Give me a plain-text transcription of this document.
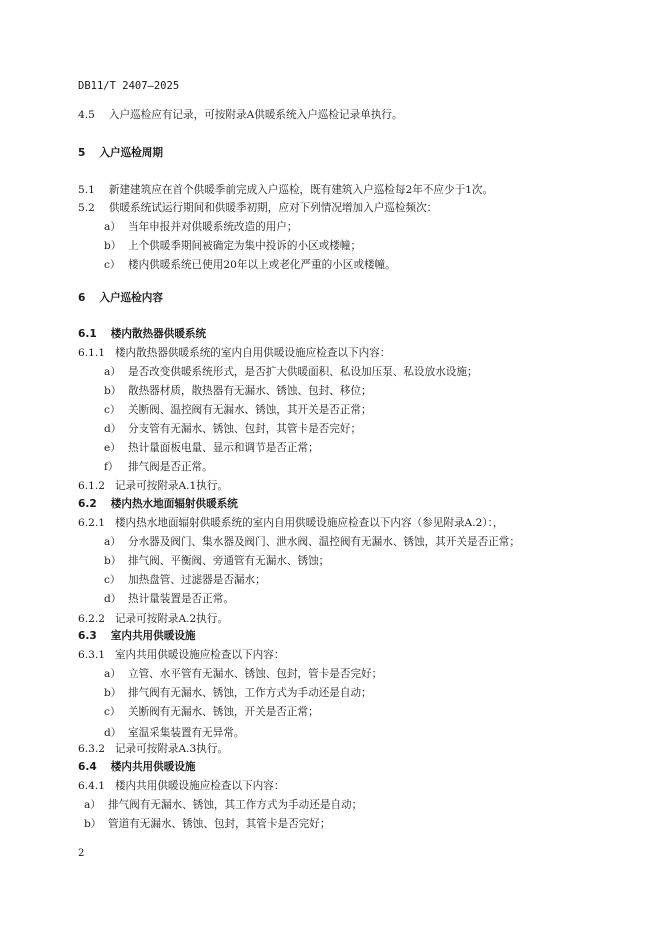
DB11/T 2407—2025
4.5 入户巡检应有记录，可按附录A供暖系统入户巡检记录单执行。
5 入户巡检周期
5.1 新建建筑应在首个供暖季前完成入户巡检，既有建筑入户巡检每2年不应少于1次。
5.2 供暖系统试运行期间和供暖季初期，应对下列情况增加入户巡检频次：
a） 当年申报并对供暖系统改造的用户；
b） 上个供暖季期间被确定为集中投诉的小区或楼幢；
c） 楼内供暖系统已使用20年以上或老化严重的小区或楼幢。
6 入户巡检内容
6.1 楼内散热器供暖系统
6.1.1 楼内散热器供暖系统的室内自用供暖设施应检查以下内容：
a） 是否改变供暖系统形式，是否扩大供暖面积、私设加压泵、私设放水设施；
b） 散热器材质，散热器有无漏水、锈蚀、包封、移位；
c） 关断阀、温控阀有无漏水、锈蚀，其开关是否正常；
d） 分支管有无漏水、锈蚀、包封，其管卡是否完好；
e） 热计量面板电量、显示和调节是否正常；
f） 排气阀是否正常。
6.1.2 记录可按附录A.1执行。
6.2 楼内热水地面辐射供暖系统
6.2.1 楼内热水地面辐射供暖系统的室内自用供暖设施应检查以下内容（参见附录A.2）：，
a） 分水器及阀门、集水器及阀门、泄水阀、温控阀有无漏水、锈蚀，其开关是否正常；
b） 排气阀、平衡阀、旁通管有无漏水、锈蚀；
c） 加热盘管、过滤器是否漏水；
d） 热计量装置是否正常。
6.2.2 记录可按附录A.2执行。
6.3 室内共用供暖设施
6.3.1 室内共用供暖设施应检查以下内容：
a） 立管、水平管有无漏水、锈蚀、包封，管卡是否完好；
b） 排气阀有无漏水、锈蚀，工作方式为手动还是自动；
c） 关断阀有无漏水、锈蚀，开关是否正常；
d） 室温采集装置有无异常。
6.3.2 记录可按附录A.3执行。
6.4 楼内共用供暖设施
6.4.1 楼内共用供暖设施应检查以下内容：
a） 排气阀有无漏水、锈蚀，其工作方式为手动还是自动；
b） 管道有无漏水、锈蚀、包封，其管卡是否完好；
2
